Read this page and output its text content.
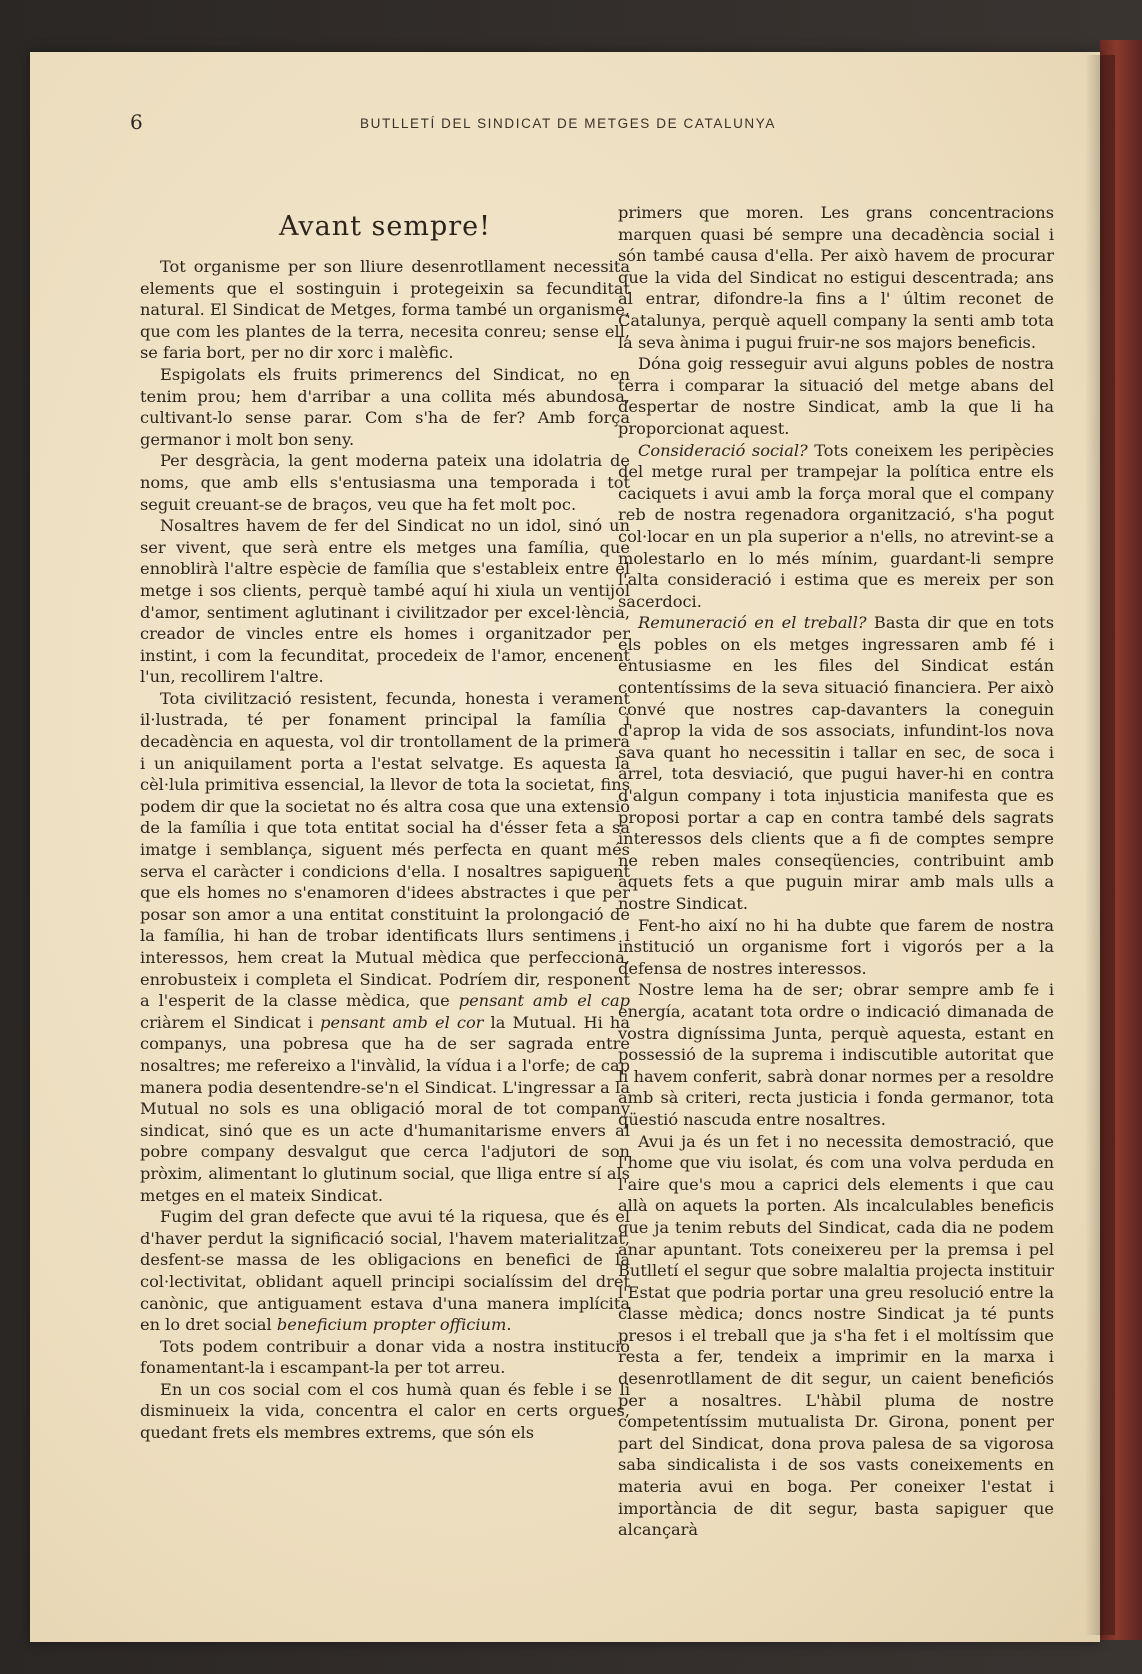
6	BUTLLETÍ DEL SINDICAT DE METGES DE CATALUNYA
Avant sempre!

Tot organisme per son lliure desenrotllament necessita elements que el sostinguin i protegeixin sa fecunditat natural. El Sindicat de Metges, forma també un organisme, que com les plantes de la terra, necesita conreu; sense ell, se faria bort, per no dir xorc i malèfic.

Espigolats els fruits primerencs del Sindicat, no en tenim prou; hem d'arribar a una collita més abundosa, cultivant-lo sense parar. Com s'ha de fer? Amb força germanor i molt bon seny.

Per desgràcia, la gent moderna pateix una idolatria de noms, que amb ells s'entusiasma una temporada i tot seguit creuant-se de braços, veu que ha fet molt poc.

Nosaltres havem de fer del Sindicat no un idol, sinó un ser vivent, que serà entre els metges una família, que ennoblirà l'altre espècie de família que s'estableix entre el metge i sos clients, perquè també aquí hi xiula un ventijol d'amor, sentiment aglutinant i civilitzador per excel·lència, creador de vincles entre els homes i organitzador per instint, i com la fecunditat, procedeix de l'amor, encenent l'un, recollirem l'altre.

Tota civilització resistent, fecunda, honesta i verament il·lustrada, té per fonament principal la família i decadència en aquesta, vol dir trontollament de la primera i un aniquilament porta a l'estat selvatge. Es aquesta la cèl·lula primitiva essencial, la llevor de tota la societat, fins podem dir que la societat no és altra cosa que una extensió de la família i que tota entitat social ha d'ésser feta a sa imatge i semblança, siguent més perfecta en quant més serva el caràcter i condicions d'ella. I nosaltres sapiguent que els homes no s'enamoren d'idees abstractes i que per posar son amor a una entitat constituint la prolongació de la família, hi han de trobar identificats llurs sentimens i interessos, hem creat la Mutual mèdica que perfecciona, enrobusteix i completa el Sindicat. Podríem dir, responent a l'esperit de la classe mèdica, que pensant amb el cap criàrem el Sindicat i pensant amb el cor la Mutual. Hi ha companys, una pobresa que ha de ser sagrada entre nosaltres; me refereixo a l'invàlid, la vídua i a l'orfe; de cap manera podia desentendre-se'n el Sindicat. L'ingressar a la Mutual no sols es una obligació moral de tot company sindicat, sinó que es un acte d'humanitarisme envers al pobre company desvalgut que cerca l'adjutori de son pròxim, alimentant lo glutinum social, que lliga entre sí als metges en el mateix Sindicat.

Fugim del gran defecte que avui té la riquesa, que és el d'haver perdut la significació social, l'havem materialitzat, desfent-se massa de les obligacions en benefici de la col·lectivitat, oblidant aquell principi socialíssim del dret canònic, que antiguament estava d'una manera implícita en lo dret social beneficium propter officium.

Tots podem contribuir a donar vida a nostra institució fonamentant-la i escampant-la per tot arreu.

En un cos social com el cos humà quan és feble i se li disminueix la vida, concentra el calor en certs orgues, quedant frets els membres extrems, que són els

primers que moren. Les grans concentracions marquen quasi bé sempre una decadència social i són també causa d'ella. Per això havem de procurar que la vida del Sindicat no estigui descentrada; ans al entrar, difondre-la fins a l' últim reconet de Catalunya, perquè aquell company la senti amb tota la seva ànima i pugui fruir-ne sos majors beneficis.

Dóna goig resseguir avui alguns pobles de nostra terra i comparar la situació del metge abans del despertar de nostre Sindicat, amb la que li ha proporcionat aquest.

Consideració social? Tots coneixem les peripècies del metge rural per trampejar la política entre els caciquets i avui amb la força moral que el company reb de nostra regenadora organització, s'ha pogut col·locar en un pla superior a n'ells, no atrevint-se a molestarlo en lo més mínim, guardant-li sempre l'alta consideració i estima que es mereix per son sacerdoci.

Remuneració en el treball? Basta dir que en tots els pobles on els metges ingressaren amb fé i entusiasme en les files del Sindicat están contentíssims de la seva situació financiera. Per això convé que nostres cap-davanters la coneguin d'aprop la vida de sos associats, infundint-los nova sava quant ho necessitin i tallar en sec, de soca i arrel, tota desviació, que pugui haver-hi en contra d'algun company i tota injusticia manifesta que es proposi portar a cap en contra també dels sagrats interessos dels clients que a fi de comptes sempre ne reben males conseqüencies, contribuint amb aquets fets a que puguin mirar amb mals ulls a nostre Sindicat.

Fent-ho així no hi ha dubte que farem de nostra institució un organisme fort i vigorós per a la defensa de nostres interessos.

Nostre lema ha de ser; obrar sempre amb fe i energía, acatant tota ordre o indicació dimanada de vostra digníssima Junta, perquè aquesta, estant en possessió de la suprema i indiscutible autoritat que li havem conferit, sabrà donar normes per a resoldre amb sà criteri, recta justicia i fonda germanor, tota qüestió nascuda entre nosaltres.

Avui ja és un fet i no necessita demostració, que l'home que viu isolat, és com una volva perduda en l'aire que's mou a caprici dels elements i que cau allà on aquets la porten. Als incalculables beneficis que ja tenim rebuts del Sindicat, cada dia ne podem anar apuntant. Tots coneixereu per la premsa i pel Butlletí el segur que sobre malaltia projecta instituir l'Estat que podria portar una greu resolució entre la classe mèdica; doncs nostre Sindicat ja té punts presos i el treball que ja s'ha fet i el moltíssim que resta a fer, tendeix a imprimir en la marxa i desenrotllament de dit segur, un caient beneficiós per a nosaltres. L'hàbil pluma de nostre competentíssim mutualista Dr. Girona, ponent per part del Sindicat, dona prova palesa de sa vigorosa saba sindicalista i de sos vasts coneixements en materia avui en boga. Per coneixer l'estat i importància de dit segur, basta sapiguer que alcançarà
